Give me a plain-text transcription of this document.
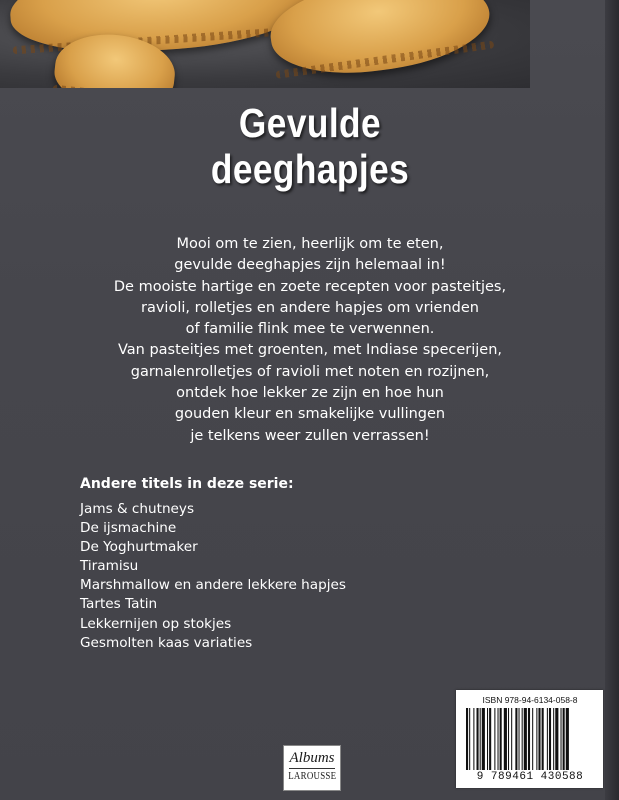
Gevulde
deeghapjes
Mooi om te zien, heerlijk om te eten,
gevulde deeghapjes zijn helemaal in!
De mooiste hartige en zoete recepten voor pasteitjes,
ravioli, rolletjes en andere hapjes om vrienden
of familie flink mee te verwennen.
Van pasteitjes met groenten, met Indiase specerijen,
garnalenrolletjes of ravioli met noten en rozijnen,
ontdek hoe lekker ze zijn en hoe hun
gouden kleur en smakelijke vullingen
je telkens weer zullen verrassen!
Andere titels in deze serie:
Jams & chutneys
De ijsmachine
De Yoghurtmaker
Tiramisu
Marshmallow en andere lekkere hapjes
Tartes Tatin
Lekkernijen op stokjes
Gesmolten kaas variaties
ISBN 978-94-6134-058-8
9 789461 430588
Albums
LAROUSSE
